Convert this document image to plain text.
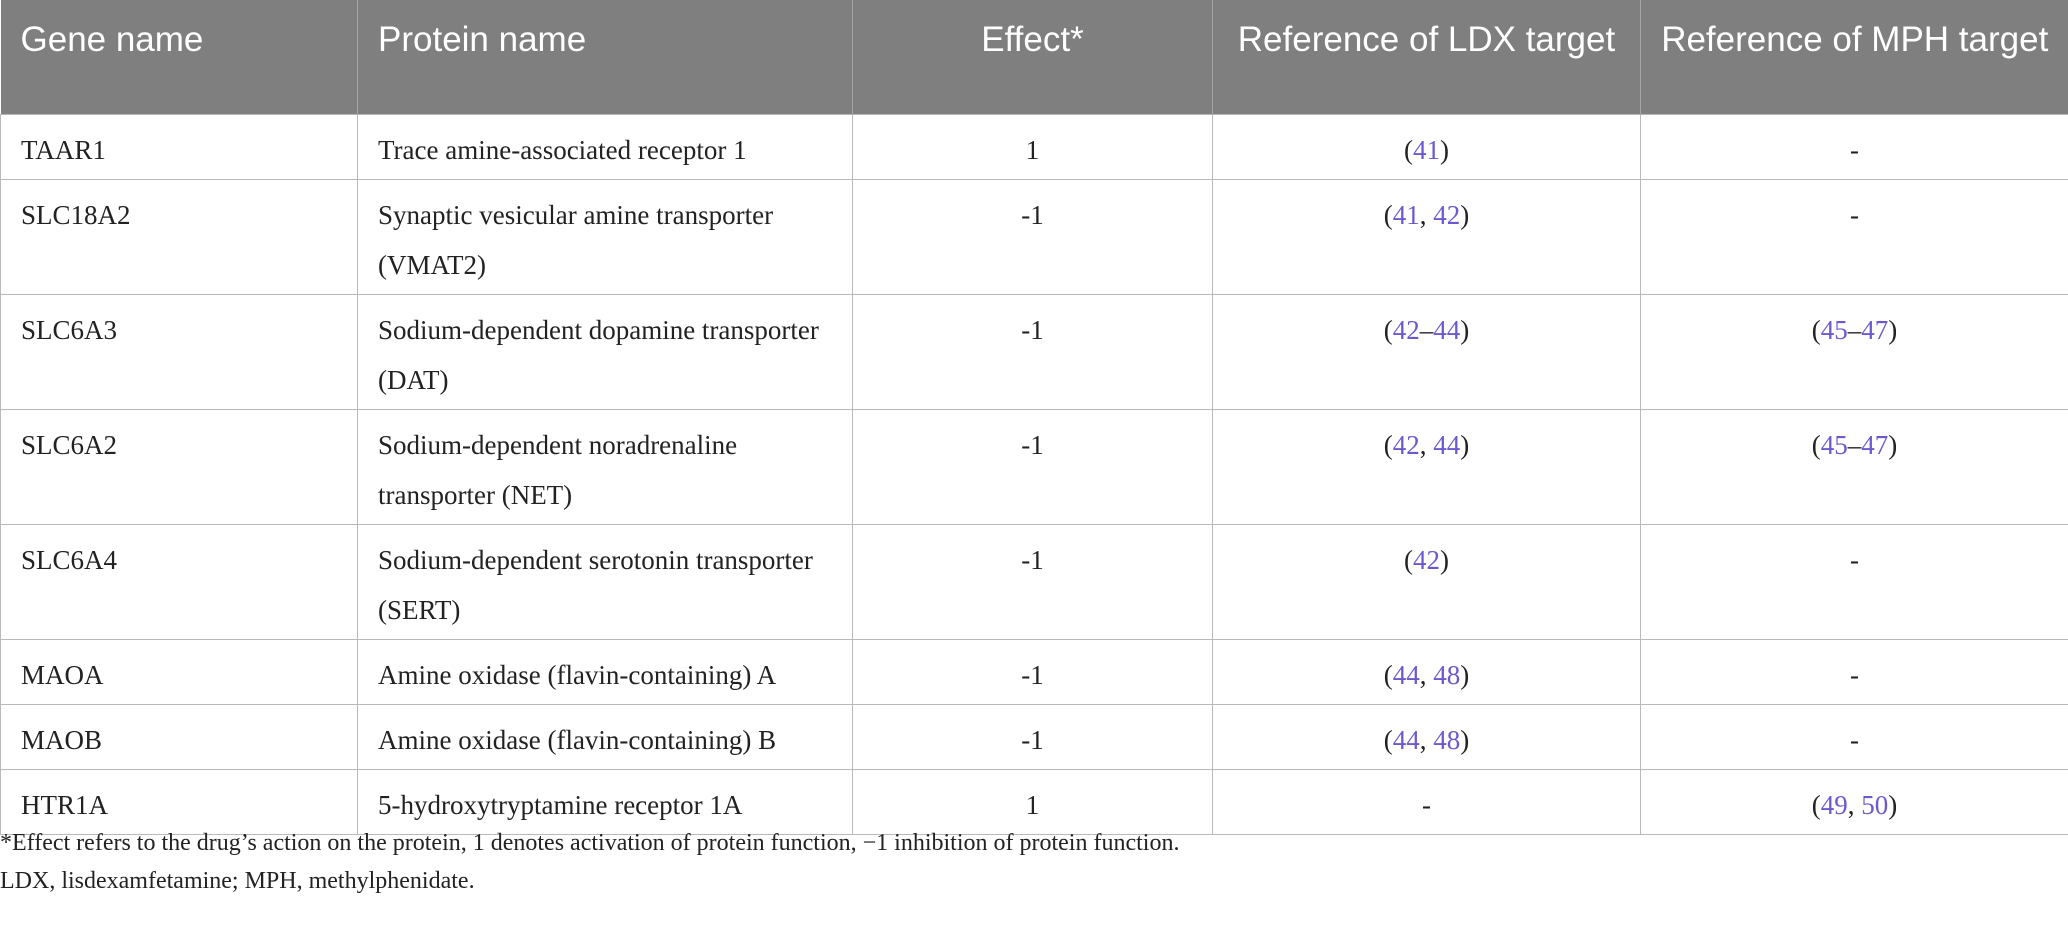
Gene name	Protein name	Effect*	Reference of LDX target	Reference of MPH target

TAAR1	Trace amine-associated receptor 1	1	(41)	-
SLC18A2	Synaptic vesicular amine transporter (VMAT2)	-1	(41, 42)	-
SLC6A3	Sodium-dependent dopamine transporter (DAT)	-1	(42–44)	(45–47)
SLC6A2	Sodium-dependent noradrenaline transporter (NET)	-1	(42, 44)	(45–47)
SLC6A4	Sodium-dependent serotonin transporter (SERT)	-1	(42)	-
MAOA	Amine oxidase (flavin-containing) A	-1	(44, 48)	-
MAOB	Amine oxidase (flavin-containing) B	-1	(44, 48)	-
HTR1A	5-hydroxytryptamine receptor 1A	1	-	(49, 50)
*Effect refers to the drug’s action on the protein, 1 denotes activation of protein function, −1 inhibition of protein function.
LDX, lisdexamfetamine; MPH, methylphenidate.
